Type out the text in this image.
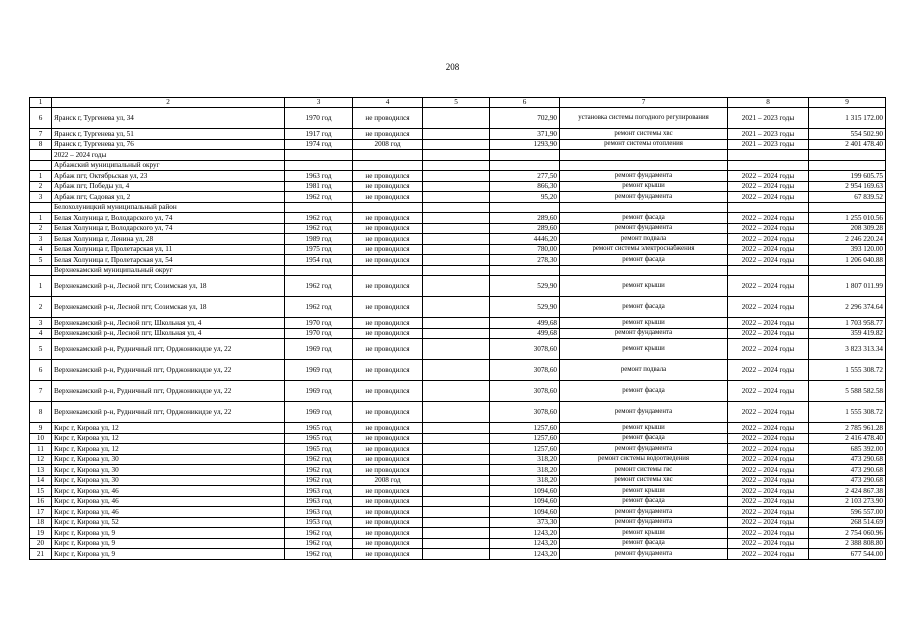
208
1	2	3	4	5	6	7	8	9
6	Яранск г, Тургенева ул, 34	1970 год	не проводился		702,90	установка системы погодного регулирования	2021 – 2023 годы	1 315 172.00
7	Яранск г, Тургенева ул, 51	1917 год	не проводился		371,90	ремонт системы хвс	2021 – 2023 годы	554 502.90
8	Яранск г, Тургенева ул, 76	1974 год	2008 год		1293,90	ремонт системы отопления	2021 – 2023 годы	2 401 478.40
	2022 – 2024 годы							
	Арбажский муниципальный округ							
1	Арбаж пгт, Октябрьская ул, 23	1963 год	не проводился		277,50	ремонт фундамента	2022 – 2024 годы	199 605.75
2	Арбаж пгт, Победы ул, 4	1981 год	не проводился		866,30	ремонт крыши	2022 – 2024 годы	2 954 169.63
3	Арбаж пгт, Садовая ул, 2	1962 год	не проводился		95,20	ремонт фундамента	2022 – 2024 годы	67 839.52
	Белохолуницкий муниципальный район							
1	Белая Холуница г, Володарского ул, 74	1962 год	не проводился		289,60	ремонт фасада	2022 – 2024 годы	1 255 010.56
2	Белая Холуница г, Володарского ул, 74	1962 год	не проводился		289,60	ремонт фундамента	2022 – 2024 годы	208 309.28
3	Белая Холуница г, Ленина ул, 28	1989 год	не проводился		4446,20	ремонт подвала	2022 – 2024 годы	2 246 220.24
4	Белая Холуница г, Пролетарская ул, 11	1975 год	не проводился		780,00	ремонт системы электроснабжения	2022 – 2024 годы	393 120.00
5	Белая Холуница г, Пролетарская ул, 54	1954 год	не проводился		278,30	ремонт фасада	2022 – 2024 годы	1 206 040.88
	Верхнекамский муниципальный округ							
1	Верхнекамский р-н, Лесной пгт, Созимская ул, 18	1962 год	не проводился		529,90	ремонт крыши	2022 – 2024 годы	1 807 011.99
2	Верхнекамский р-н, Лесной пгт, Созимская ул, 18	1962 год	не проводился		529,90	ремонт фасада	2022 – 2024 годы	2 296 374.64
3	Верхнекамский р-н, Лесной пгт, Школьная ул, 4	1970 год	не проводился		499,68	ремонт крыши	2022 – 2024 годы	1 703 958.77
4	Верхнекамский р-н, Лесной пгт, Школьная ул, 4	1970 год	не проводился		499,68	ремонт фундамента	2022 – 2024 годы	359 419.82
5	Верхнекамский р-н, Рудничный пгт, Орджоникидзе ул, 22	1969 год	не проводился		3078,60	ремонт крыши	2022 – 2024 годы	3 823 313.34
6	Верхнекамский р-н, Рудничный пгт, Орджоникидзе ул, 22	1969 год	не проводился		3078,60	ремонт подвала	2022 – 2024 годы	1 555 308.72
7	Верхнекамский р-н, Рудничный пгт, Орджоникидзе ул, 22	1969 год	не проводился		3078,60	ремонт фасада	2022 – 2024 годы	5 588 582.58
8	Верхнекамский р-н, Рудничный пгт, Орджоникидзе ул, 22	1969 год	не проводился		3078,60	ремонт фундамента	2022 – 2024 годы	1 555 308.72
9	Кирс г, Кирова ул, 12	1965 год	не проводился		1257,60	ремонт крыши	2022 – 2024 годы	2 785 961.28
10	Кирс г, Кирова ул, 12	1965 год	не проводился		1257,60	ремонт фасада	2022 – 2024 годы	2 416 478.40
11	Кирс г, Кирова ул, 12	1965 год	не проводился		1257,60	ремонт фундамента	2022 – 2024 годы	685 392.00
12	Кирс г, Кирова ул, 30	1962 год	не проводился		318,20	ремонт системы водоотведения	2022 – 2024 годы	473 290.68
13	Кирс г, Кирова ул, 30	1962 год	не проводился		318,20	ремонт системы гвс	2022 – 2024 годы	473 290.68
14	Кирс г, Кирова ул, 30	1962 год	2008 год		318,20	ремонт системы хвс	2022 – 2024 годы	473 290.68
15	Кирс г, Кирова ул, 46	1963 год	не проводился		1094,60	ремонт крыши	2022 – 2024 годы	2 424 867.38
16	Кирс г, Кирова ул, 46	1963 год	не проводился		1094,60	ремонт фасада	2022 – 2024 годы	2 103 273.90
17	Кирс г, Кирова ул, 46	1963 год	не проводился		1094,60	ремонт фундамента	2022 – 2024 годы	596 557.00
18	Кирс г, Кирова ул, 52	1953 год	не проводился		373,30	ремонт фундамента	2022 – 2024 годы	268 514.69
19	Кирс г, Кирова ул, 9	1962 год	не проводился		1243,20	ремонт крыши	2022 – 2024 годы	2 754 060.96
20	Кирс г, Кирова ул, 9	1962 год	не проводился		1243,20	ремонт фасада	2022 – 2024 годы	2 388 808.80
21	Кирс г, Кирова ул, 9	1962 год	не проводился		1243,20	ремонт фундамента	2022 – 2024 годы	677 544.00
